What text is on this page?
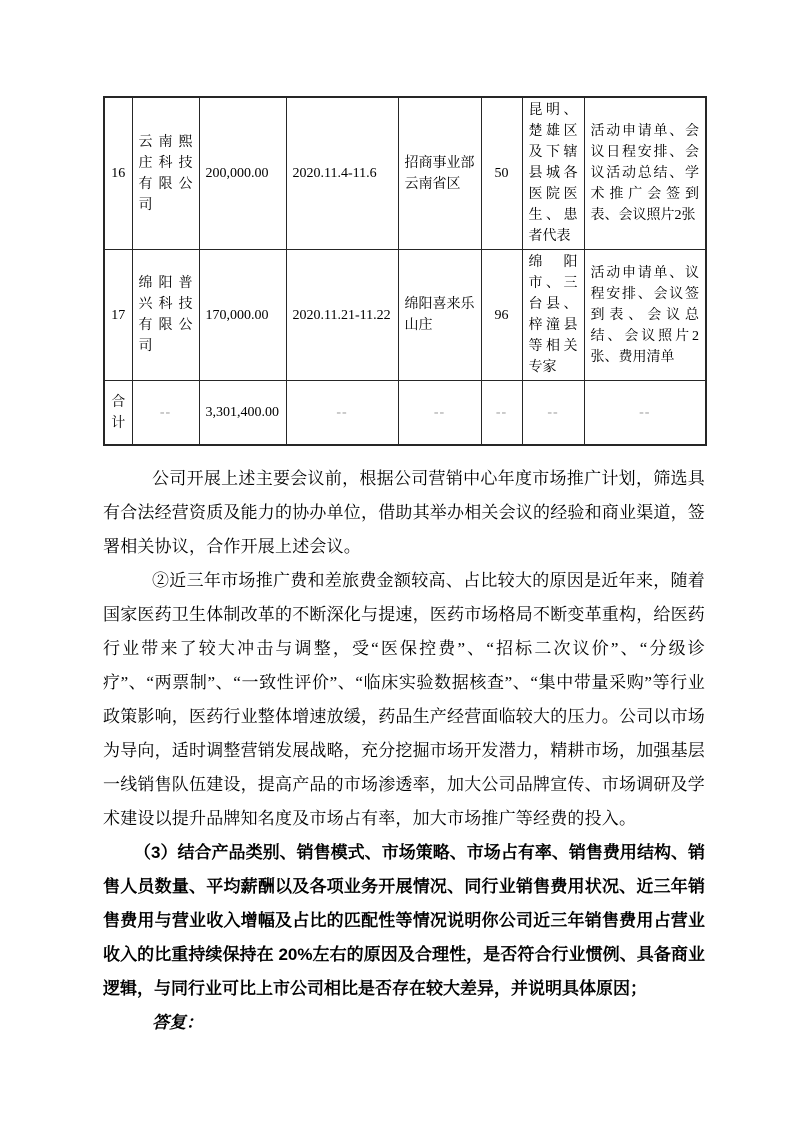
16	云南熙庄科技有限公司	200,000.00	2020.11.4-11.6	招商事业部云南省区	50	昆明、楚雄区及下辖县城各医院医生、患者代表	活动申请单、会议日程安排、会议活动总结、学术推广会签到表、会议照片2张
17	绵阳普兴科技有限公司	170,000.00	2020.11.21-11.22	绵阳喜来乐山庄	96	绵阳市、三台县、梓潼县等相关专家	活动申请单、议程安排、会议签到表、会议总结、会议照片2张、费用清单
合计	--	3,301,400.00	--	--	--	--	--

公司开展上述主要会议前，根据公司营销中心年度市场推广计划，筛选具有合法经营资质及能力的协办单位，借助其举办相关会议的经验和商业渠道，签署相关协议，合作开展上述会议。

②近三年市场推广费和差旅费金额较高、占比较大的原因是近年来，随着国家医药卫生体制改革的不断深化与提速，医药市场格局不断变革重构，给医药行业带来了较大冲击与调整，受“医保控费”、“招标二次议价”、“分级诊疗”、“两票制”、“一致性评价”、“临床实验数据核查”、“集中带量采购”等行业政策影响，医药行业整体增速放缓，药品生产经营面临较大的压力。公司以市场为导向，适时调整营销发展战略，充分挖掘市场开发潜力，精耕市场，加强基层一线销售队伍建设，提高产品的市场渗透率，加大公司品牌宣传、市场调研及学术建设以提升品牌知名度及市场占有率，加大市场推广等经费的投入。

（3）结合产品类别、销售模式、市场策略、市场占有率、销售费用结构、销售人员数量、平均薪酬以及各项业务开展情况、同行业销售费用状况、近三年销售费用与营业收入增幅及占比的匹配性等情况说明你公司近三年销售费用占营业收入的比重持续保持在 20%左右的原因及合理性，是否符合行业惯例、具备商业逻辑，与同行业可比上市公司相比是否存在较大差异，并说明具体原因；

答复：
